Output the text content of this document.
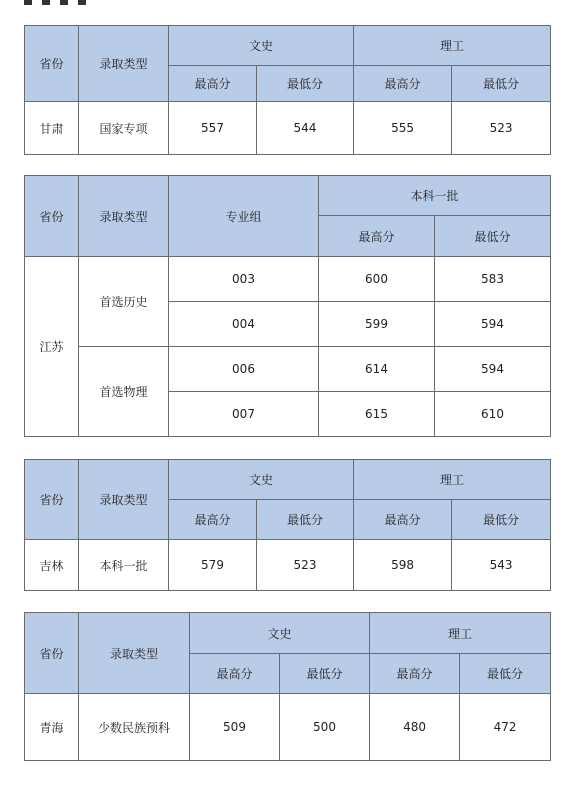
省份	录取类型	文史		理工	
		最高分	最低分	最高分	最低分
甘肃	国家专项	557	544	555	523
省份	录取类型	专业组	本科一批	
			最高分	最低分
江苏	首选历史	003	600	583
		004	599	594
	首选物理	006	614	594
		007	615	610
省份	录取类型	文史		理工	
		最高分	最低分	最高分	最低分
吉林	本科一批	579	523	598	543
省份	录取类型	文史		理工	
		最高分	最低分	最高分	最低分
青海	少数民族预科	509	500	480	472
